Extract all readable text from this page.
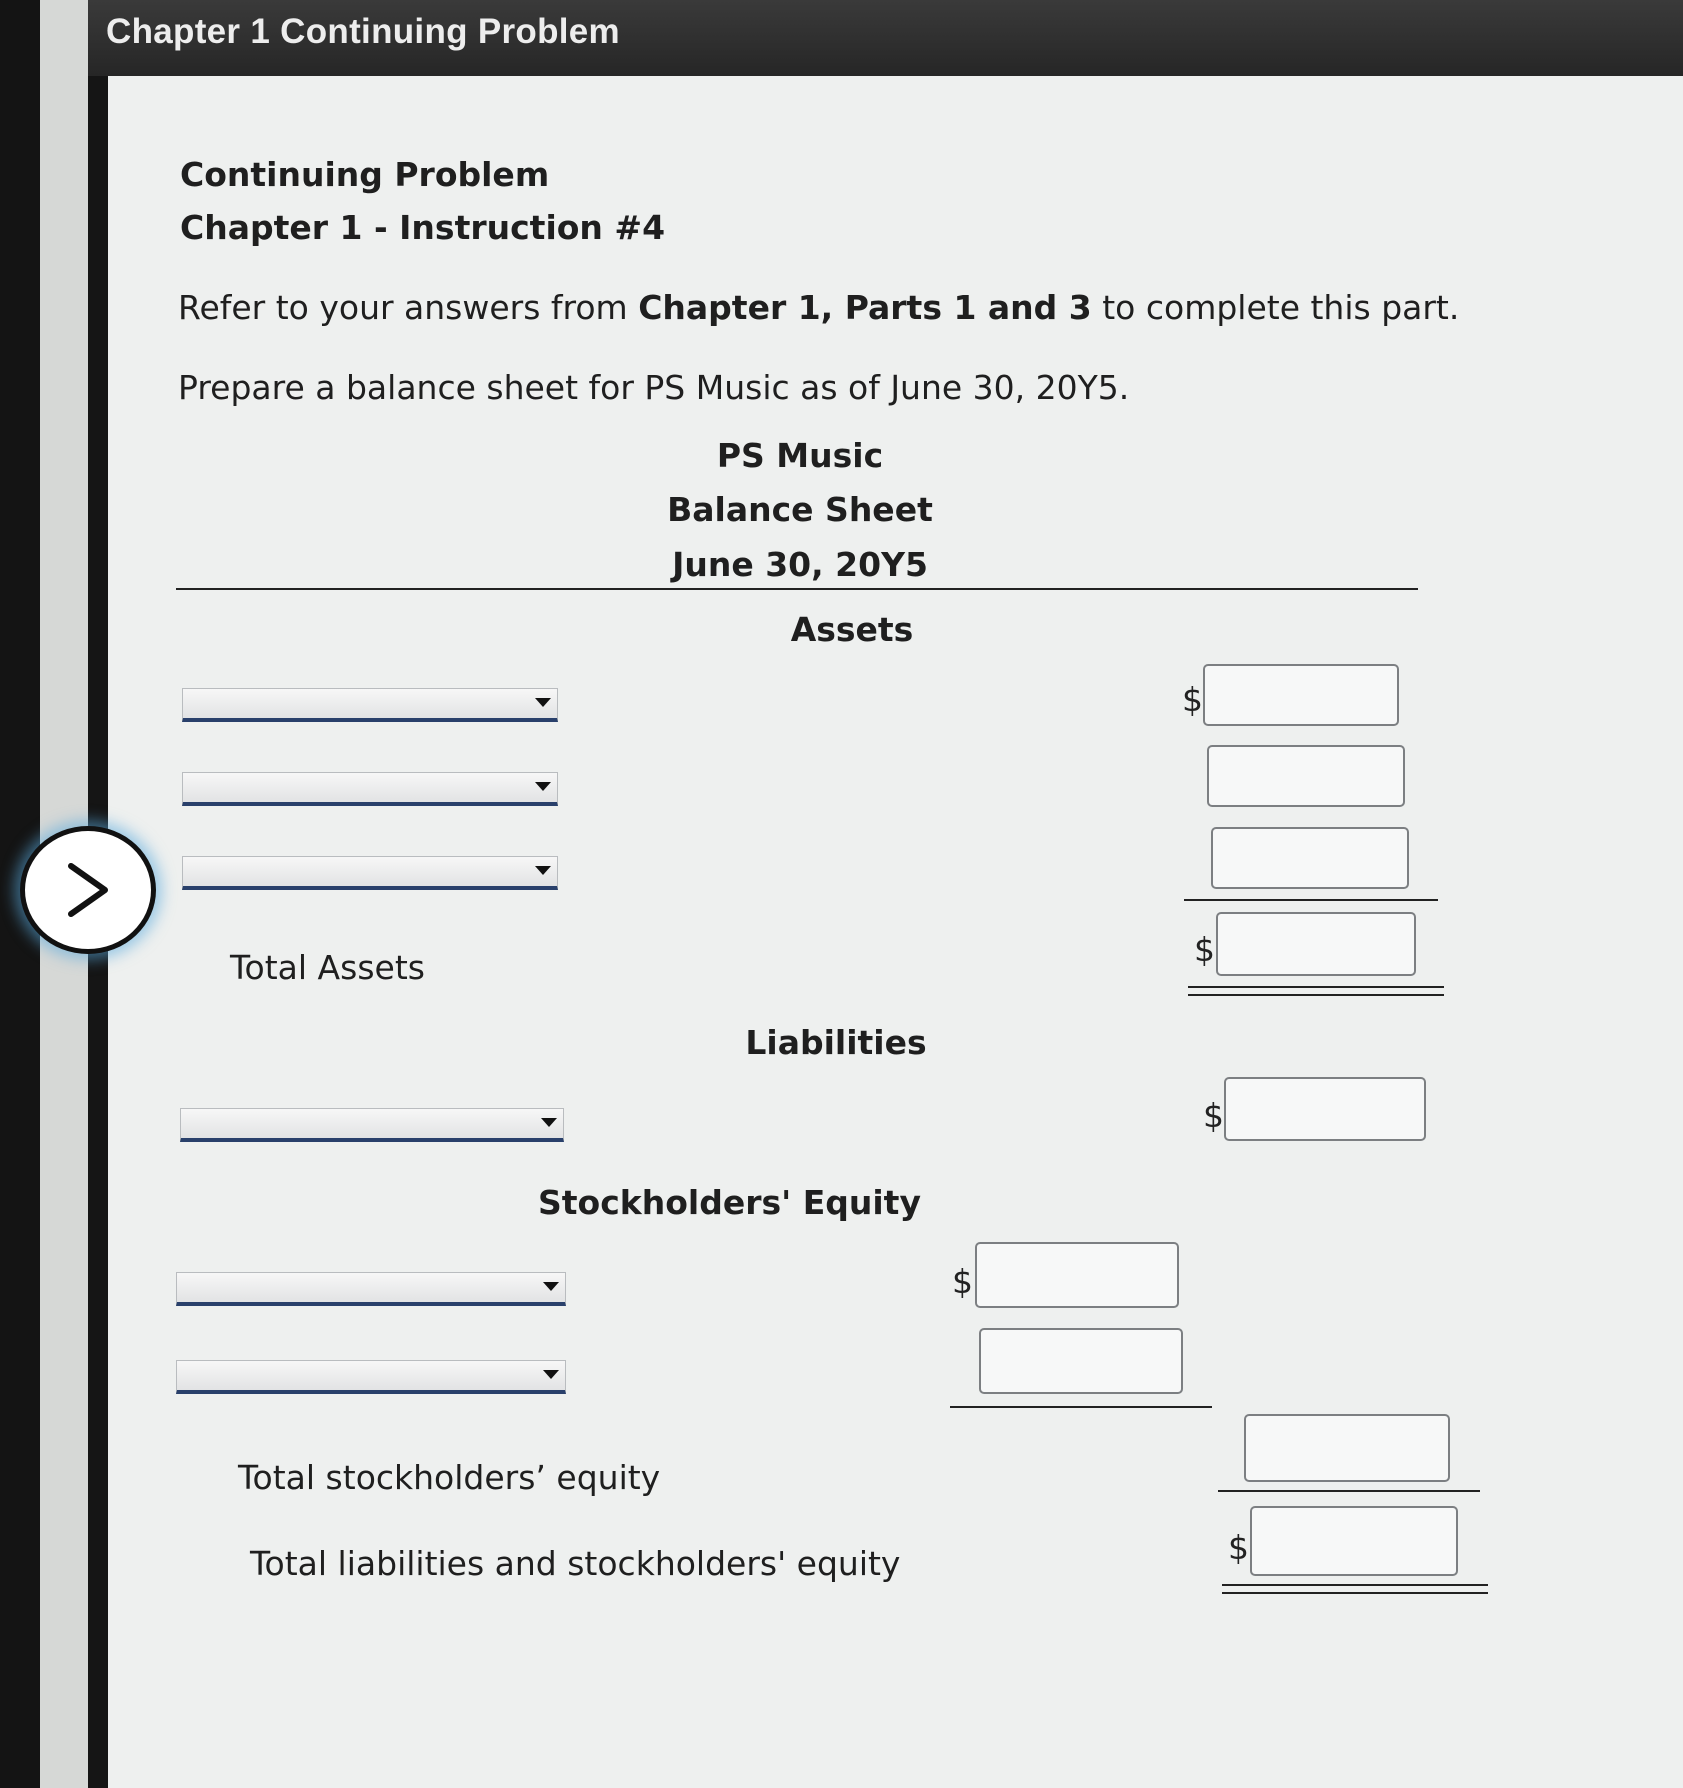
Chapter 1 Continuing Problem
Continuing Problem
Chapter 1 - Instruction #4
Refer to your answers from Chapter 1, Parts 1 and 3 to complete this part.
Prepare a balance sheet for PS Music as of June 30, 20Y5.
PS Music
Balance Sheet
June 30, 20Y5
Assets
$
Total Assets	$
Liabilities
$
Stockholders' Equity
$
Total stockholders’ equity
Total liabilities and stockholders' equity	$
